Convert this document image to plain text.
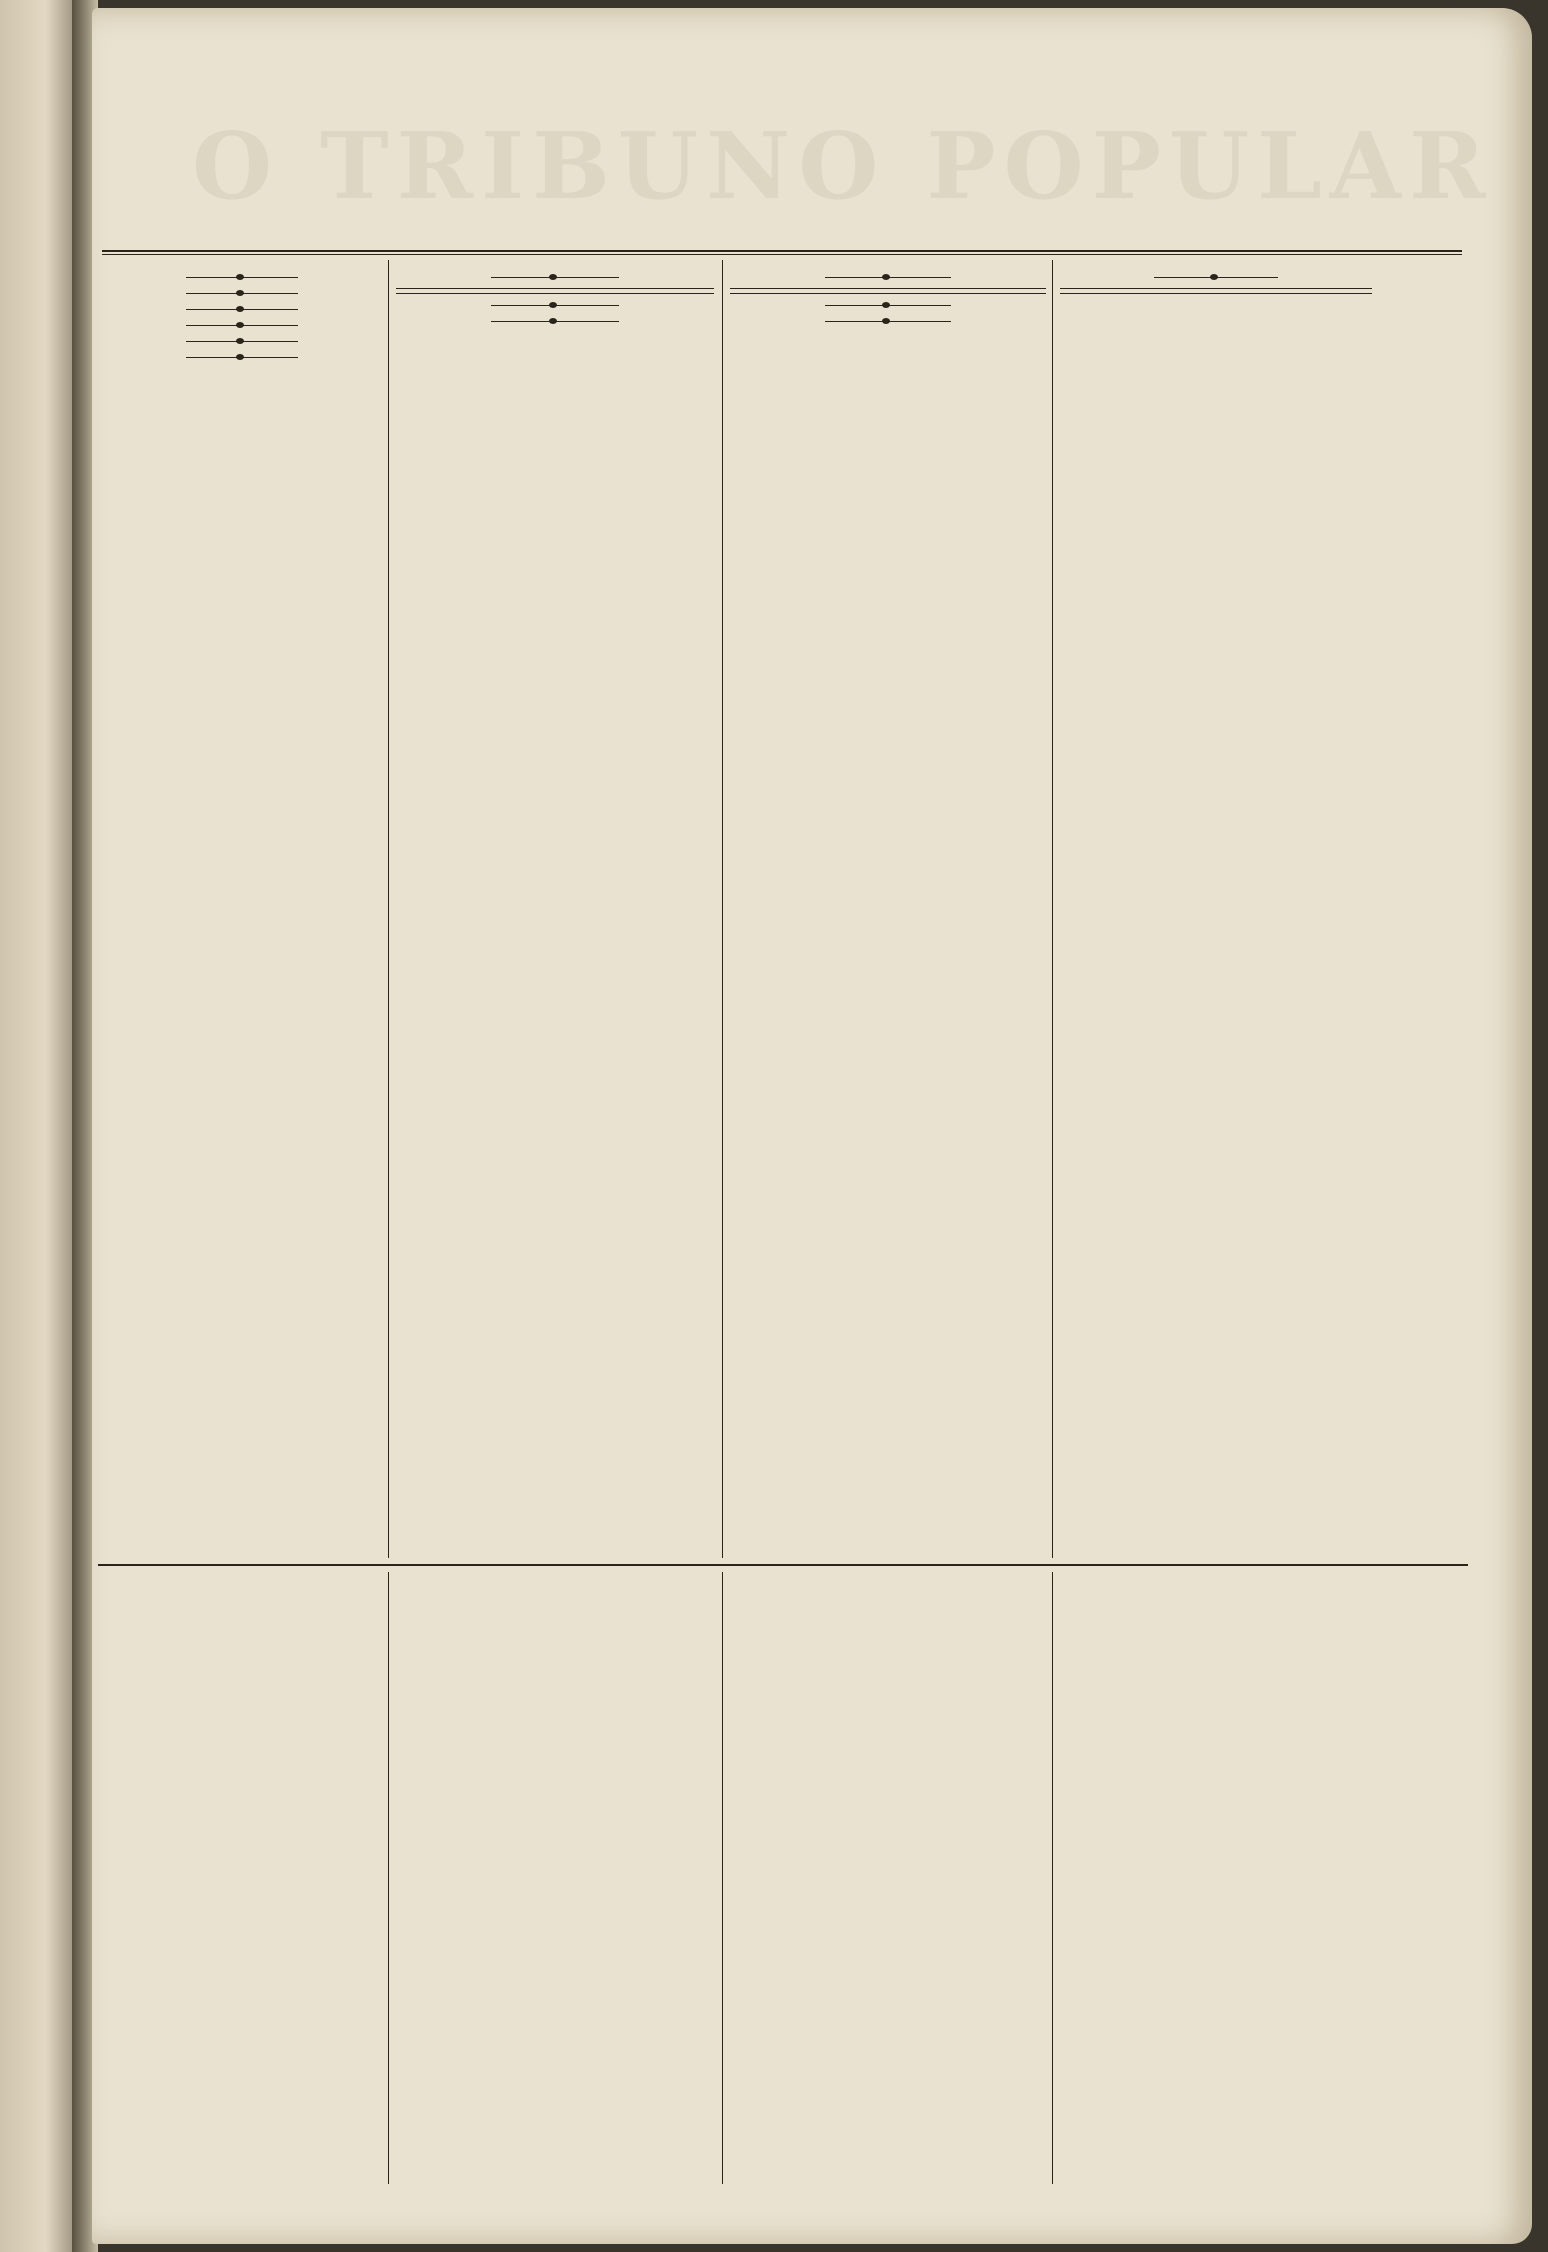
O TRIBUNO POPULAR
